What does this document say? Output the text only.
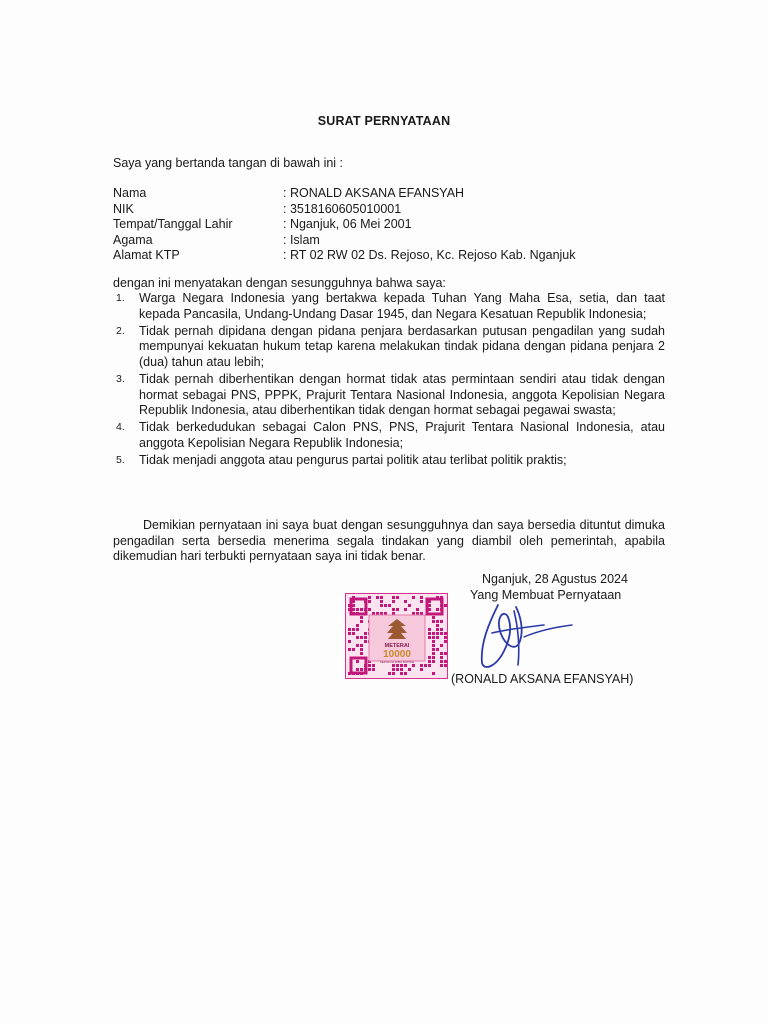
SURAT PERNYATAAN
Saya yang bertanda tangan di bawah ini :
Nama	: RONALD AKSANA EFANSYAH
NIK	: 3518160605010001
Tempat/Tanggal Lahir	: Nganjuk, 06 Mei 2001
Agama	: Islam
Alamat KTP	: RT 02 RW 02 Ds. Rejoso, Kc. Rejoso Kab. Nganjuk
dengan ini menyatakan dengan sesungguhnya bahwa saya:
1.	Warga Negara Indonesia yang bertakwa kepada Tuhan Yang Maha Esa, setia, dan taat kepada Pancasila, Undang-Undang Dasar 1945, dan Negara Kesatuan Republik Indonesia;
2.	Tidak pernah dipidana dengan pidana penjara berdasarkan putusan pengadilan yang sudah mempunyai kekuatan hukum tetap karena melakukan tindak pidana dengan pidana penjara 2 (dua) tahun atau lebih;
3.	Tidak pernah diberhentikan dengan hormat tidak atas permintaan sendiri atau tidak dengan hormat sebagai PNS, PPPK, Prajurit Tentara Nasional Indonesia, anggota Kepolisian Negara Republik Indonesia, atau diberhentikan tidak dengan hormat sebagai pegawai swasta;
4.	Tidak berkedudukan sebagai Calon PNS, PNS, Prajurit Tentara Nasional Indonesia, atau anggota Kepolisian Negara Republik Indonesia;
5.	Tidak menjadi anggota atau pengurus partai politik atau terlibat politik praktis;
Demikian pernyataan ini saya buat dengan sesungguhnya dan saya bersedia dituntut dimuka pengadilan serta bersedia menerima segala tindakan yang diambil oleh pemerintah, apabila dikemudian hari terbukti pernyataan saya ini tidak benar.
Nganjuk, 28 Agustus 2024
Yang Membuat Pernyataan
METERAI
10000
SEPULUH RIBU RUPIAH
(RONALD AKSANA EFANSYAH)
